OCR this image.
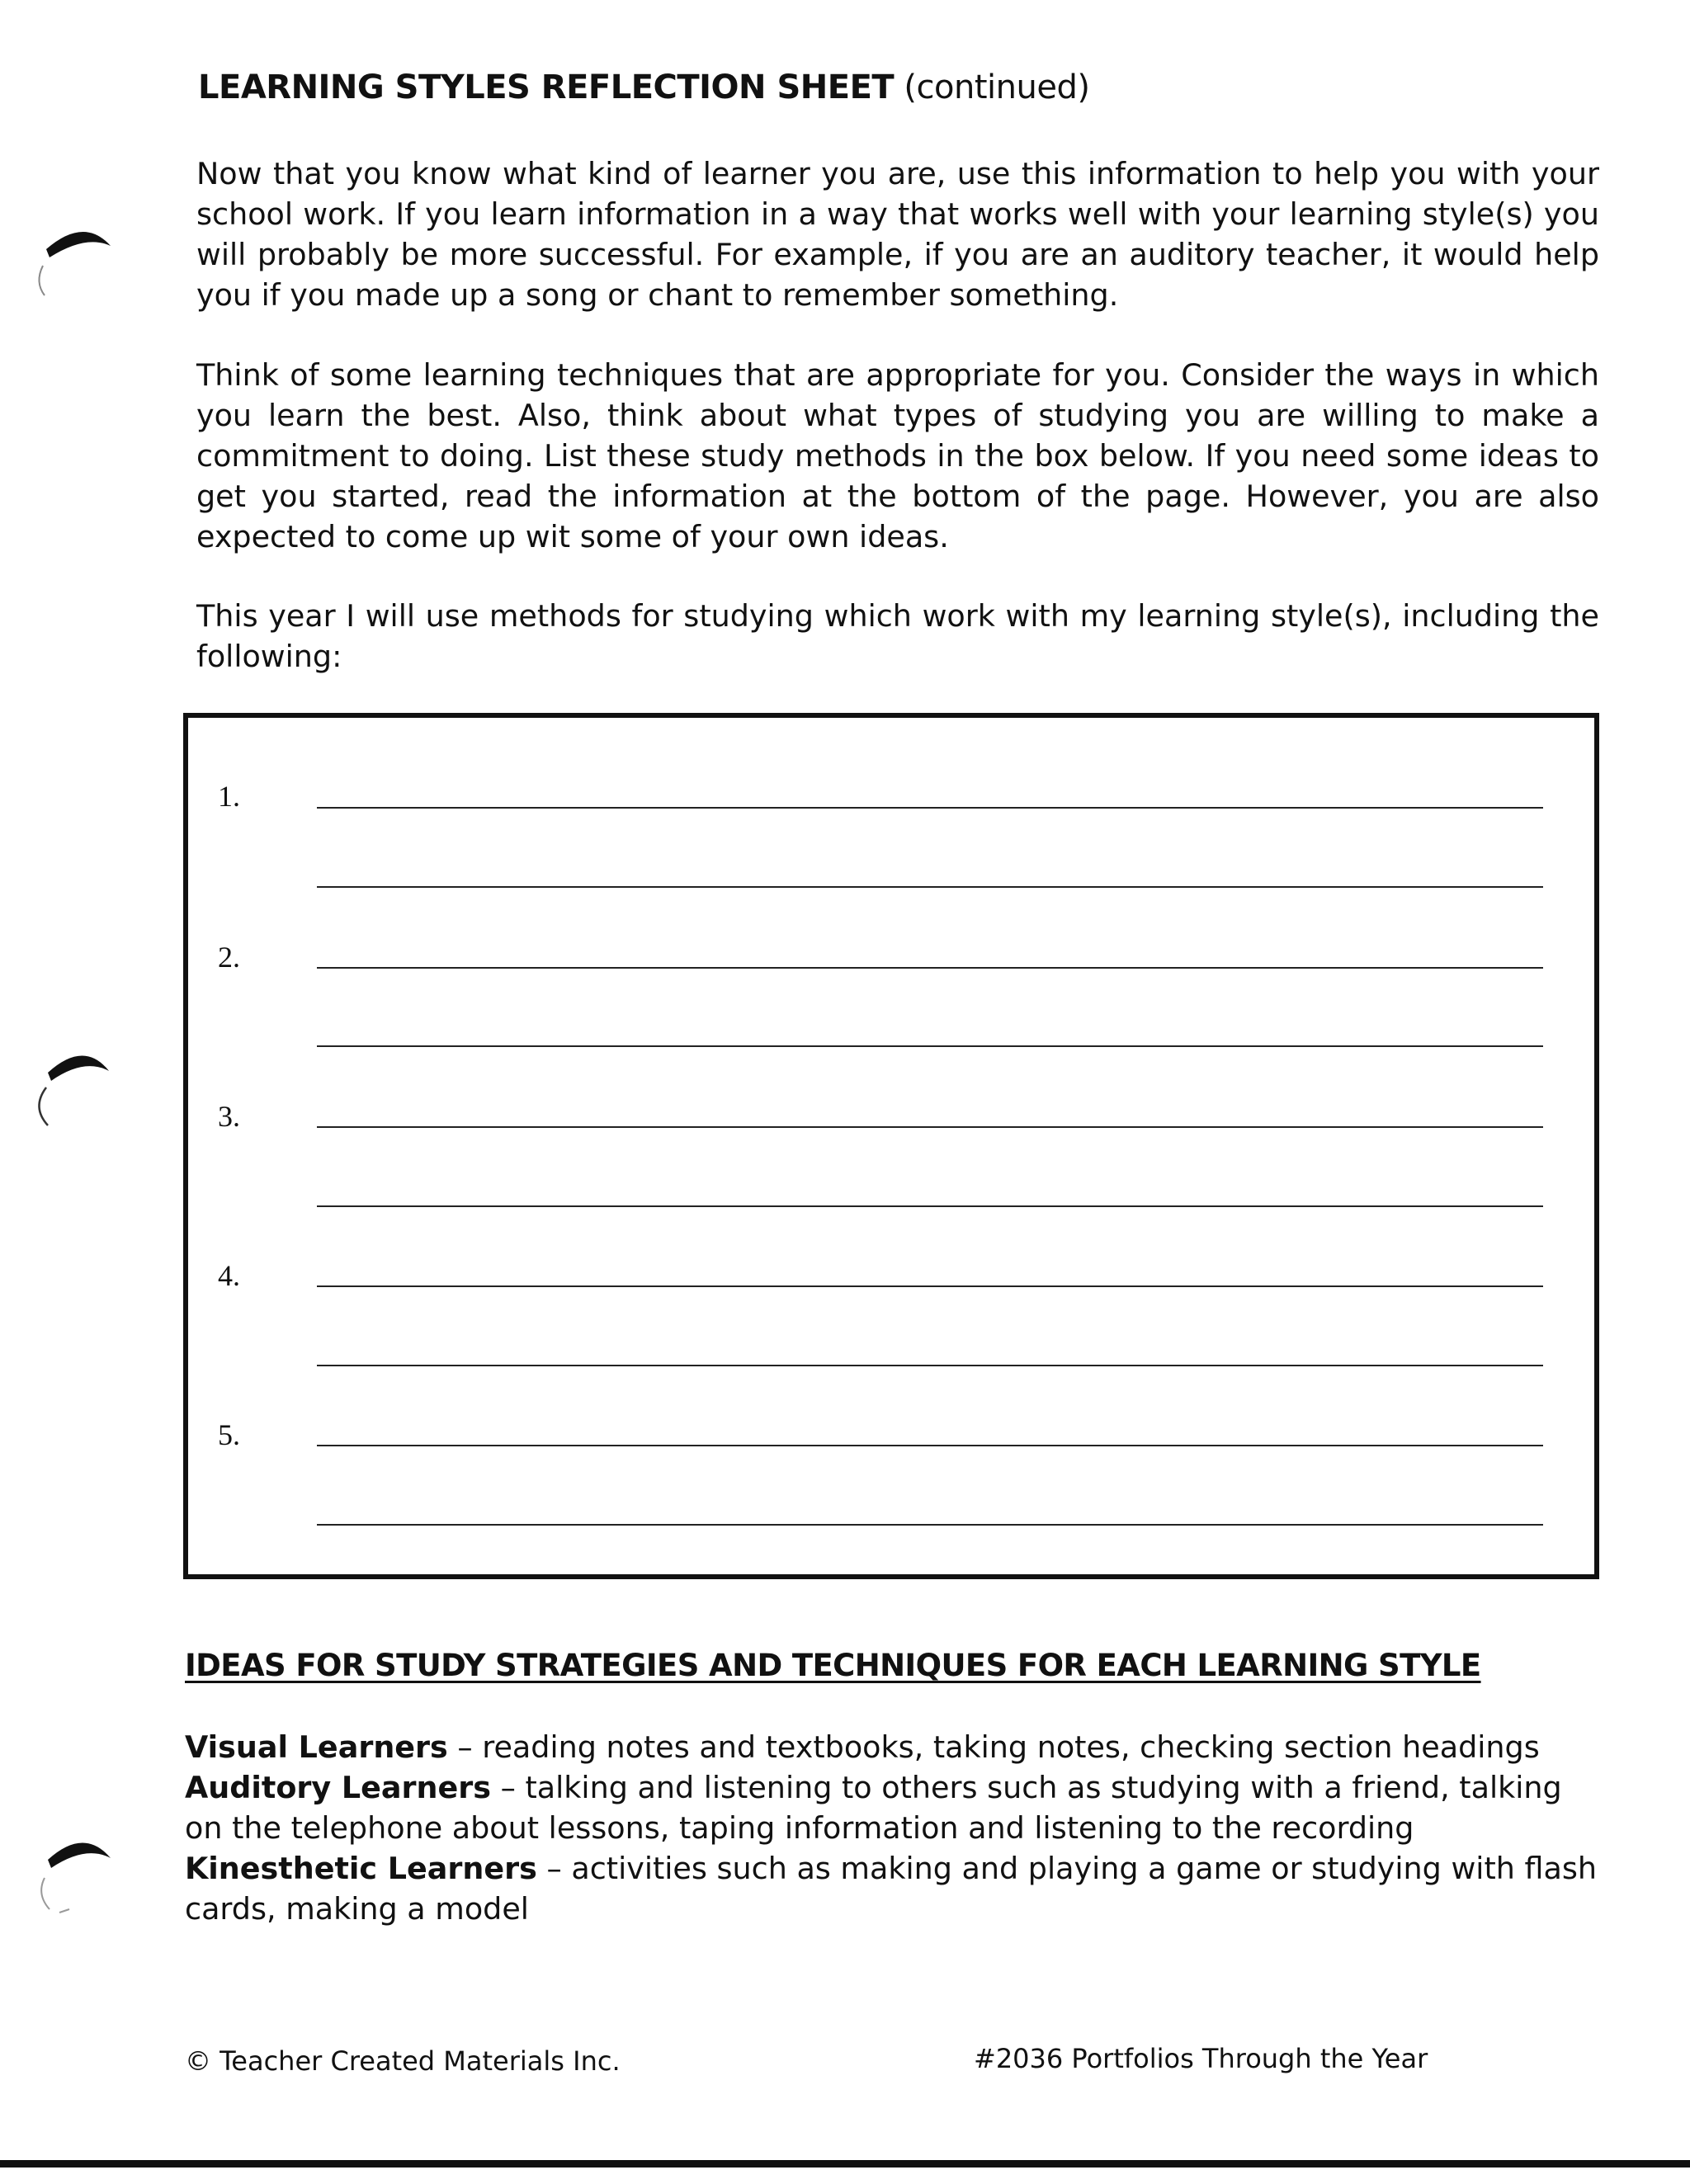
LEARNING STYLES REFLECTION SHEET (continued)

Now that you know what kind of learner you are, use this information to help you with your school work. If you learn information in a way that works well with your learning style(s) you will probably be more successful. For example, if you are an auditory teacher, it would help you if you made up a song or chant to remember something.

Think of some learning techniques that are appropriate for you. Consider the ways in which you learn the best. Also, think about what types of studying you are willing to make a commitment to doing. List these study methods in the box below. If you need some ideas to get you started, read the information at the bottom of the page. However, you are also expected to come up wit some of your own ideas.

This year I will use methods for studying which work with my learning style(s), including the following:

1.
2.
3.
4.
5.
IDEAS FOR STUDY STRATEGIES AND TECHNIQUES FOR EACH LEARNING STYLE

Visual Learners – reading notes and textbooks, taking notes, checking section headings

Auditory Learners – talking and listening to others such as studying with a friend, talking on the telephone about lessons, taping information and listening to the recording

Kinesthetic Learners – activities such as making and playing a game or studying with flash cards, making a model

© Teacher Created Materials Inc.	#2036 Portfolios Through the Year
